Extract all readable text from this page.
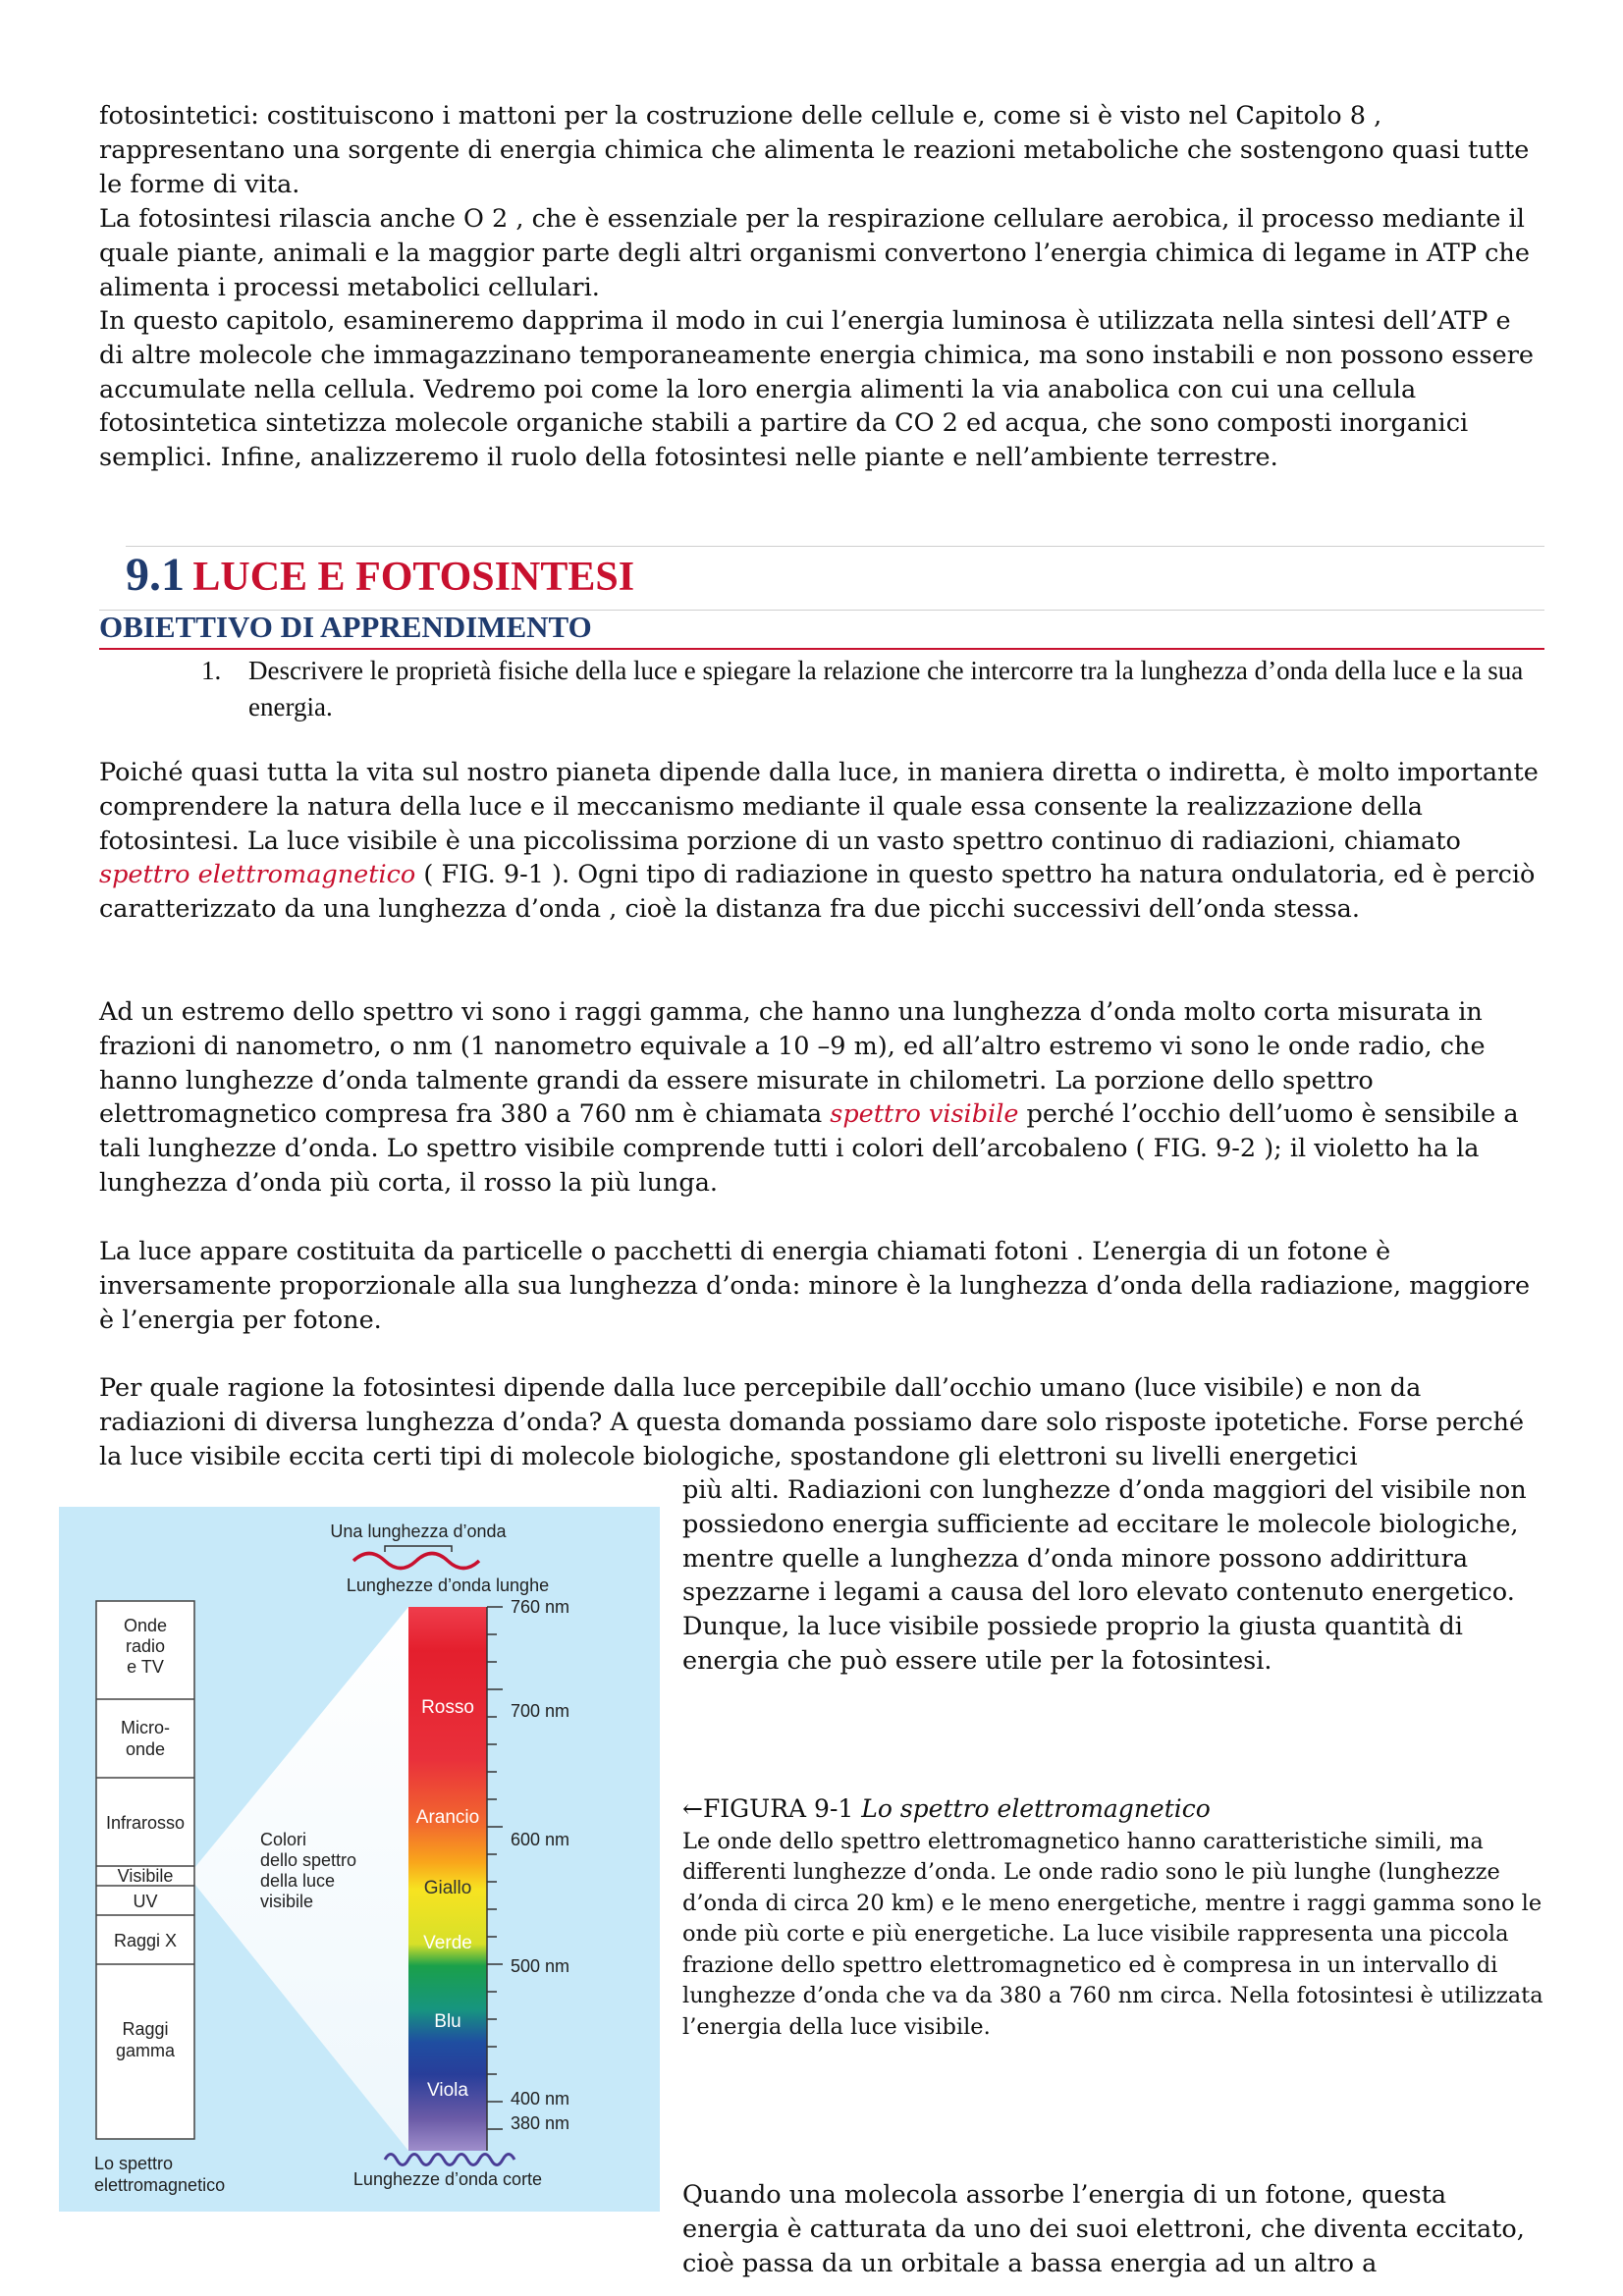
fotosintetici: costituiscono i mattoni per la costruzione delle cellule e, come si è visto nel Capitolo 8 , rappresentano una sorgente di energia chimica che alimenta le reazioni metaboliche che sostengono quasi tutte le forme di vita.

La fotosintesi rilascia anche O 2 , che è essenziale per la respirazione cellulare aerobica, il processo mediante il quale piante, animali e la maggior parte degli altri organismi convertono l’energia chimica di legame in ATP che alimenta i processi metabolici cellulari.

In questo capitolo, esamineremo dapprima il modo in cui l’energia luminosa è utilizzata nella sintesi dell’ATP e di altre molecole che immagazzinano temporaneamente energia chimica, ma sono instabili e non possono essere accumulate nella cellula. Vedremo poi come la loro energia alimenti la via anabolica con cui una cellula fotosintetica sintetizza molecole organiche stabili a partire da CO 2 ed acqua, che sono composti inorganici semplici. Infine, analizzeremo il ruolo della fotosintesi nelle piante e nell’ambiente terrestre.

9.1 LUCE E FOTOSINTESI
OBIETTIVO DI APPRENDIMENTO
1. Descrivere le proprietà fisiche della luce e spiegare la relazione che intercorre tra la lunghezza d’onda della luce e la sua energia.

Poiché quasi tutta la vita sul nostro pianeta dipende dalla luce, in maniera diretta o indiretta, è molto importante comprendere la natura della luce e il meccanismo mediante il quale essa consente la realizzazione della fotosintesi. La luce visibile è una piccolissima porzione di un vasto spettro continuo di radiazioni, chiamato spettro elettromagnetico ( FIG. 9-1 ). Ogni tipo di radiazione in questo spettro ha natura ondulatoria, ed è perciò caratterizzato da una lunghezza d’onda , cioè la distanza fra due picchi successivi dell’onda stessa.

Ad un estremo dello spettro vi sono i raggi gamma, che hanno una lunghezza d’onda molto corta misurata in frazioni di nanometro, o nm (1 nanometro equivale a 10 –9 m), ed all’altro estremo vi sono le onde radio, che hanno lunghezze d’onda talmente grandi da essere misurate in chilometri. La porzione dello spettro elettromagnetico compresa fra 380 a 760 nm è chiamata spettro visibile perché l’occhio dell’uomo è sensibile a tali lunghezze d’onda. Lo spettro visibile comprende tutti i colori dell’arcobaleno ( FIG. 9-2 ); il violetto ha la lunghezza d’onda più corta, il rosso la più lunga.

La luce appare costituita da particelle o pacchetti di energia chiamati fotoni . L’energia di un fotone è inversamente proporzionale alla sua lunghezza d’onda: minore è la lunghezza d’onda della radiazione, maggiore è l’energia per fotone.

Per quale ragione la fotosintesi dipende dalla luce percepibile dall’occhio umano (luce visibile) e non da radiazioni di diversa lunghezza d’onda? A questa domanda possiamo dare solo risposte ipotetiche. Forse perché la luce visibile eccita certi tipi di molecole biologiche, spostandone gli elettroni su livelli energetici

più alti. Radiazioni con lunghezze d’onda maggiori del visibile non possiedono energia sufficiente ad eccitare le molecole biologiche, mentre quelle a lunghezza d’onda minore possono addirittura spezzarne i legami a causa del loro elevato contenuto energetico. Dunque, la luce visibile possiede proprio la giusta quantità di energia che può essere utile per la fotosintesi.

←FIGURA 9-1 Lo spettro elettromagnetico
Le onde dello spettro elettromagnetico hanno caratteristiche simili, ma differenti lunghezze d’onda. Le onde radio sono le più lunghe (lunghezze d’onda di circa 20 km) e le meno energetiche, mentre i raggi gamma sono le onde più corte e più energetiche. La luce visibile rappresenta una piccola frazione dello spettro elettromagnetico ed è compresa in un intervallo di lunghezze d’onda che va da 380 a 760 nm circa. Nella fotosintesi è utilizzata l’energia della luce visibile.
Quando una molecola assorbe l’energia di un fotone, questa energia è catturata da uno dei suoi elettroni, che diventa eccitato, cioè passa da un orbitale a bassa energia ad un altro a
Onde
radio
e TV
Micro-
onde
Infrarosso
Visibile
UV
Raggi X
Raggi
gamma
Colori
dello spettro
della luce
visibile
Rosso
Arancio
Giallo
Verde
Blu
Viola
760 nm
700 nm
600 nm
500 nm
400 nm
380 nm
Una lunghezza d’onda
Lunghezze d’onda lunghe
Lunghezze d’onda corte
Lo spettro
elettromagnetico
